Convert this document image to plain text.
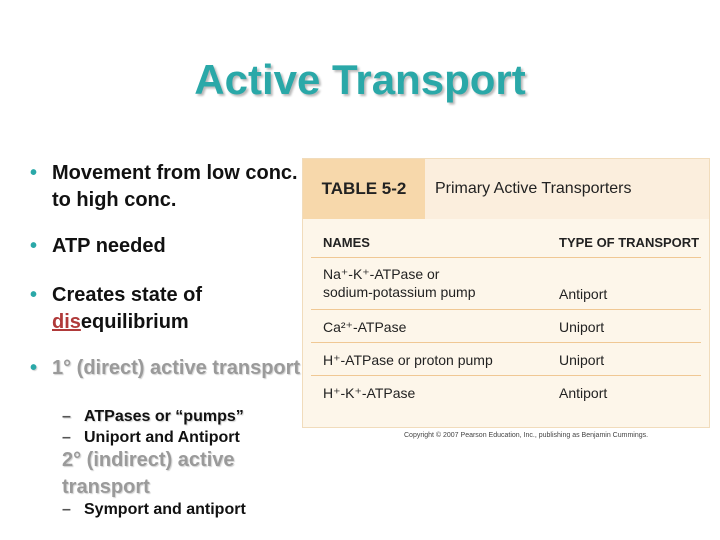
Active Transport
• Movement from low conc. to high conc.
• ATP needed
• Creates state of
disequilibrium
• 1° (direct) active transport
– ATPases or “pumps”
– Uniport and Antiport
2° (indirect) active transport
– Symport and antiport
TABLE 5-2	Primary Active Transporters
NAMES	TYPE OF TRANSPORT
Na⁺-K⁺-ATPase or
sodium-potassium pump	Antiport
Ca²⁺-ATPase	Uniport
H⁺-ATPase or proton pump	Uniport
H⁺-K⁺-ATPase	Antiport
Copyright © 2007 Pearson Education, Inc., publishing as Benjamin Cummings.
